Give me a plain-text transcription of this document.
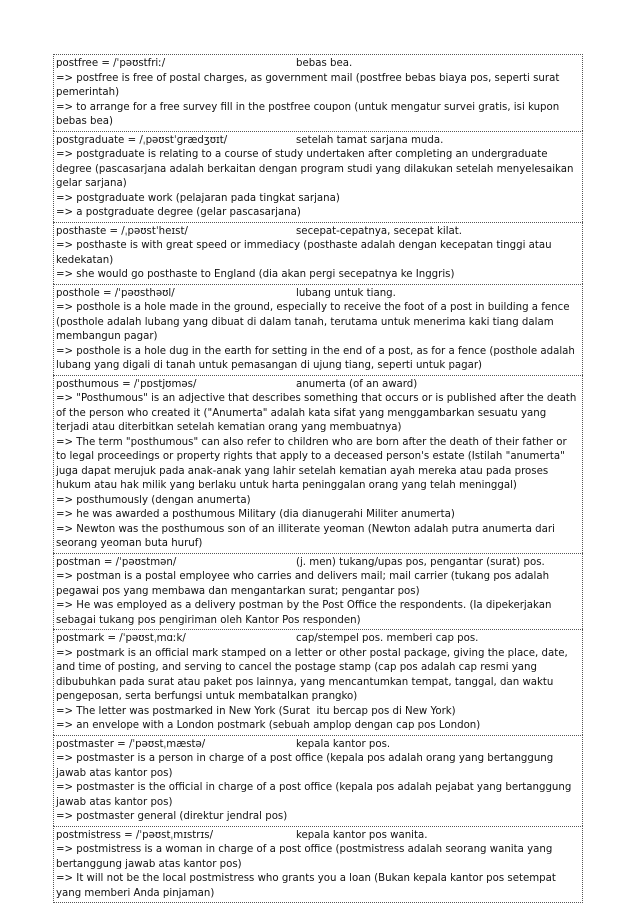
postfree = /ˈpəʊstfriː/	bebas bea.
=> postfree is free of postal charges, as government mail (postfree bebas biaya pos, seperti surat pemerintah)
=> to arrange for a free survey fill in the postfree coupon (untuk mengatur survei gratis, isi kupon bebas bea)
postgraduate = /ˌpəʊstˈɡrædʒʊɪt/	setelah tamat sarjana muda.
=> postgraduate is relating to a course of study undertaken after completing an undergraduate degree (pascasarjana adalah berkaitan dengan program studi yang dilakukan setelah menyelesaikan gelar sarjana)
=> postgraduate work (pelajaran pada tingkat sarjana)
=> a postgraduate degree (gelar pascasarjana)
posthaste = /ˌpəʊstˈheɪst/	secepat-cepatnya, secepat kilat.
=> posthaste is with great speed or immediacy (posthaste adalah dengan kecepatan tinggi atau kedekatan)
=> she would go posthaste to England (dia akan pergi secepatnya ke Inggris)
posthole = /ˈpəʊsthəʊl/	lubang untuk tiang.
=> posthole is a hole made in the ground, especially to receive the foot of a post in building a fence (posthole adalah lubang yang dibuat di dalam tanah, terutama untuk menerima kaki tiang dalam membangun pagar)
=> posthole is a hole dug in the earth for setting in the end of a post, as for a fence (posthole adalah lubang yang digali di tanah untuk pemasangan di ujung tiang, seperti untuk pagar)
posthumous = /ˈpɒstjʊməs/	anumerta (of an award)
=> "Posthumous" is an adjective that describes something that occurs or is published after the death of the person who created it ("Anumerta" adalah kata sifat yang menggambarkan sesuatu yang terjadi atau diterbitkan setelah kematian orang yang membuatnya)
=> The term "posthumous" can also refer to children who are born after the death of their father or to legal proceedings or property rights that apply to a deceased person's estate (Istilah "anumerta" juga dapat merujuk pada anak-anak yang lahir setelah kematian ayah mereka atau pada proses hukum atau hak milik yang berlaku untuk harta peninggalan orang yang telah meninggal)
=> posthumously (dengan anumerta)
=> he was awarded a posthumous Military (dia dianugerahi Militer anumerta)
=> Newton was the posthumous son of an illiterate yeoman (Newton adalah putra anumerta dari seorang yeoman buta huruf)
postman = /ˈpəʊstmən/	(j. men) tukang/upas pos, pengantar (surat) pos.
=> postman is a postal employee who carries and delivers mail; mail carrier (tukang pos adalah pegawai pos yang membawa dan mengantarkan surat; pengantar pos)
=> He was employed as a delivery postman by the Post Office the respondents. (Ia dipekerjakan sebagai tukang pos pengiriman oleh Kantor Pos responden)
postmark = /ˈpəʊstˌmɑːk/	cap/stempel pos. memberi cap pos.
=> postmark is an official mark stamped on a letter or other postal package, giving the place, date, and time of posting, and serving to cancel the postage stamp (cap pos adalah cap resmi yang dibubuhkan pada surat atau paket pos lainnya, yang mencantumkan tempat, tanggal, dan waktu pengeposan, serta berfungsi untuk membatalkan prangko)
=> The letter was postmarked in New York (Surat  itu bercap pos di New York)
=> an envelope with a London postmark (sebuah amplop dengan cap pos London)
postmaster = /ˈpəʊstˌmæstə/	kepala kantor pos.
=> postmaster is a person in charge of a post office (kepala pos adalah orang yang bertanggung jawab atas kantor pos)
=> postmaster is the official in charge of a post office (kepala pos adalah pejabat yang bertanggung jawab atas kantor pos)
=> postmaster general (direktur jendral pos)
postmistress = /ˈpəʊstˌmɪstrɪs/	kepala kantor pos wanita.
=> postmistress is a woman in charge of a post office (postmistress adalah seorang wanita yang bertanggung jawab atas kantor pos)
=> It will not be the local postmistress who grants you a loan (Bukan kepala kantor pos setempat yang memberi Anda pinjaman)
